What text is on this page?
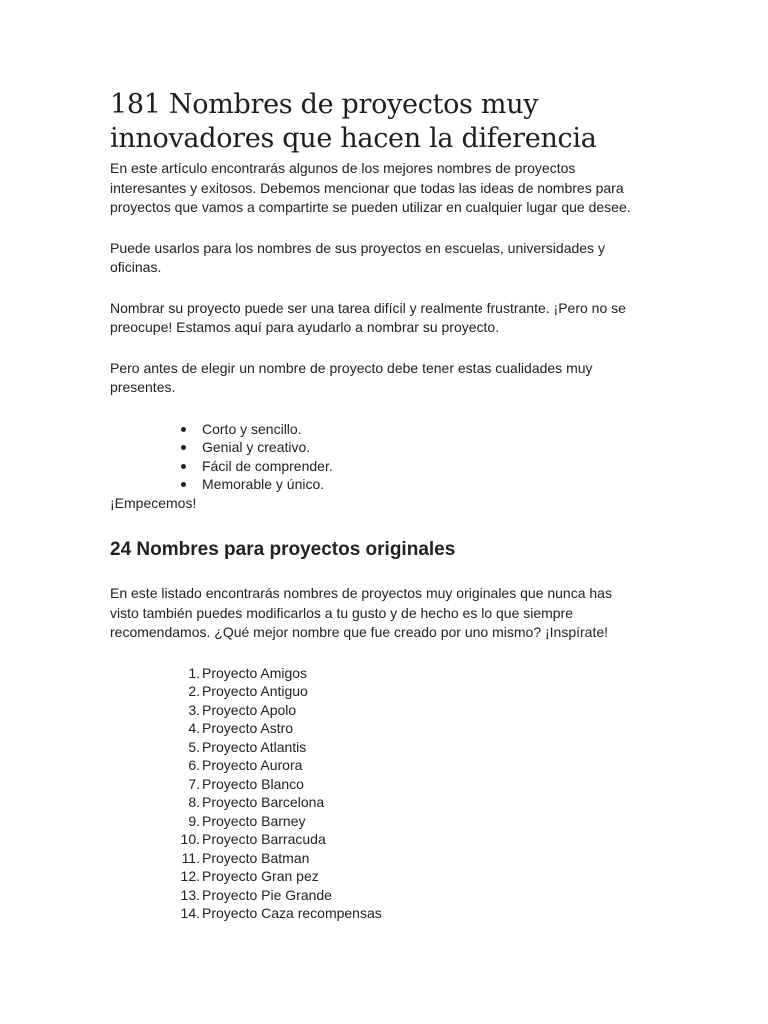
181 Nombres de proyectos muy innovadores que hacen la diferencia

En este artículo encontrarás algunos de los mejores nombres de proyectos interesantes y exitosos. Debemos mencionar que todas las ideas de nombres para proyectos que vamos a compartirte se pueden utilizar en cualquier lugar que desee.

Puede usarlos para los nombres de sus proyectos en escuelas, universidades y oficinas.

Nombrar su proyecto puede ser una tarea difícil y realmente frustrante. ¡Pero no se preocupe! Estamos aquí para ayudarlo a nombrar su proyecto.

Pero antes de elegir un nombre de proyecto debe tener estas cualidades muy presentes.

Corto y sencillo.
Genial y creativo.
Fácil de comprender.
Memorable y único.

¡Empecemos!

24 Nombres para proyectos originales

En este listado encontrarás nombres de proyectos muy originales que nunca has visto también puedes modificarlos a tu gusto y de hecho es lo que siempre recomendamos. ¿Qué mejor nombre que fue creado por uno mismo? ¡Inspírate!

Proyecto Amigos
Proyecto Antiguo
Proyecto Apolo
Proyecto Astro
Proyecto Atlantis
Proyecto Aurora
Proyecto Blanco
Proyecto Barcelona
Proyecto Barney
Proyecto Barracuda
Proyecto Batman
Proyecto Gran pez
Proyecto Pie Grande
Proyecto Caza recompensas
